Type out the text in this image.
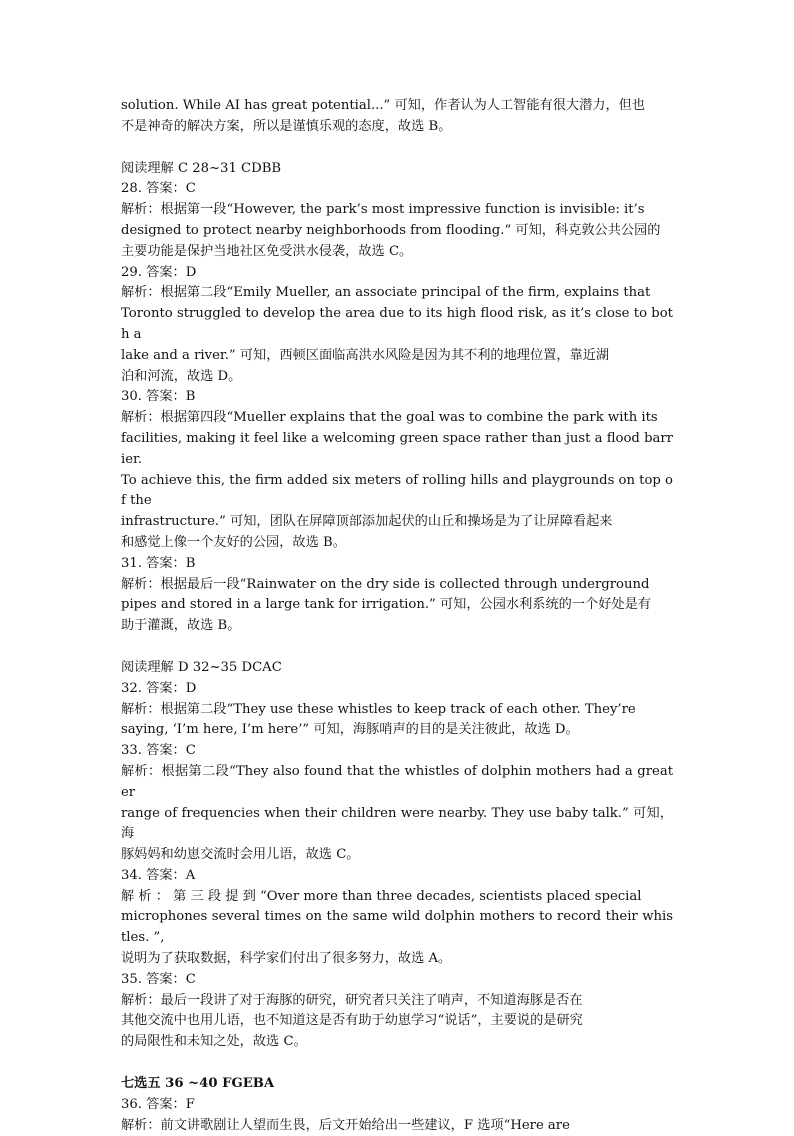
solution. While AI has great potential...” 可知，作者认为人工智能有很大潜力，但也

不是神奇的解决方案，所以是谨慎乐观的态度，故选 B。

阅读理解 C 28~31 CDBB

28. 答案：C

解析：根据第一段“However, the park’s most impressive function is invisible: it’s

designed to protect nearby neighborhoods from flooding.” 可知，科克敦公共公园的

主要功能是保护当地社区免受洪水侵袭，故选 C。

29. 答案：D

解析：根据第二段“Emily Mueller, an associate principal of the firm, explains that

Toronto struggled to develop the area due to its high flood risk, as it’s close to both a

lake and a river.” 可知，西顿区面临高洪水风险是因为其不利的地理位置，靠近湖

泊和河流，故选 D。

30. 答案：B

解析：根据第四段“Mueller explains that the goal was to combine the park with its

facilities, making it feel like a welcoming green space rather than just a flood barrier.

To achieve this, the firm added six meters of rolling hills and playgrounds on top of the

infrastructure.” 可知，团队在屏障顶部添加起伏的山丘和操场是为了让屏障看起来

和感觉上像一个友好的公园，故选 B。

31. 答案：B

解析：根据最后一段“Rainwater on the dry side is collected through underground

pipes and stored in a large tank for irrigation.” 可知，公园水利系统的一个好处是有

助于灌溉，故选 B。

阅读理解 D 32~35 DCAC

32. 答案：D

解析：根据第二段“They use these whistles to keep track of each other. They’re

saying, ‘I’m here, I’m here’” 可知，海豚哨声的目的是关注彼此，故选 D。

33. 答案：C

解析：根据第二段“They also found that the whistles of dolphin mothers had a greater

range of frequencies when their children were nearby. They use baby talk.” 可知，海

豚妈妈和幼崽交流时会用儿语，故选 C。

34. 答案：A

解 析 ： 第 三 段 提 到 “Over more than three decades, scientists placed special

microphones several times on the same wild dolphin mothers to record their whistles. ”,

说明为了获取数据，科学家们付出了很多努力，故选 A。

35. 答案：C

解析：最后一段讲了对于海豚的研究，研究者只关注了哨声，不知道海豚是否在

其他交流中也用儿语，也不知道这是否有助于幼崽学习“说话”，主要说的是研究

的局限性和未知之处，故选 C。

七选五 36 ~40 FGEBA

36. 答案：F

解析：前文讲歌剧让人望而生畏，后文开始给出一些建议，F 选项“Here are
